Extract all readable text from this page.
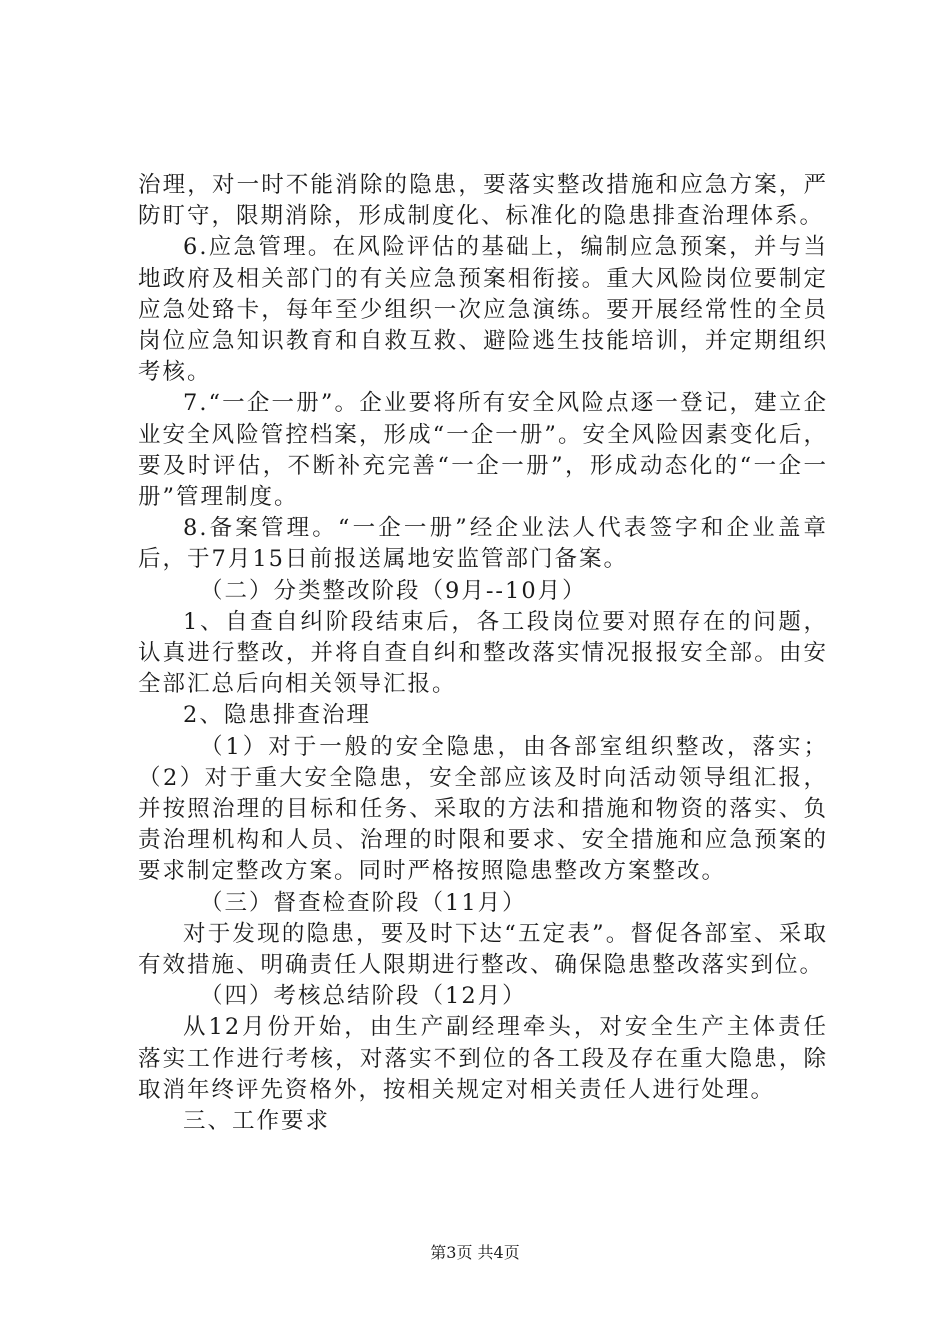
治理，对一时不能消除的隐患，要落实整改措施和应急方案，严防盯守，限期消除，形成制度化、标准化的隐患排查治理体系。

6.应急管理。在风险评估的基础上，编制应急预案，并与当地政府及相关部门的有关应急预案相衔接。重大风险岗位要制定应急处臵卡，每年至少组织一次应急演练。要开展经常性的全员岗位应急知识教育和自救互救、避险逃生技能培训，并定期组织考核。

7.“一企一册”。企业要将所有安全风险点逐一登记，建立企业安全风险管控档案，形成“一企一册”。安全风险因素变化后，要及时评估，不断补充完善“一企一册”，形成动态化的“一企一册”管理制度。

8.备案管理。“一企一册”经企业法人代表签字和企业盖章后，于7月15日前报送属地安监管部门备案。

（二）分类整改阶段（9月--10月）

1、自查自纠阶段结束后，各工段岗位要对照存在的问题，认真进行整改，并将自查自纠和整改落实情况报报安全部。由安全部汇总后向相关领导汇报。

2、隐患排查治理

（1）对于一般的安全隐患，由各部室组织整改，落实；（2）对于重大安全隐患，安全部应该及时向活动领导组汇报，并按照治理的目标和任务、采取的方法和措施和物资的落实、负责治理机构和人员、治理的时限和要求、安全措施和应急预案的要求制定整改方案。同时严格按照隐患整改方案整改。

（三）督查检查阶段（11月）

对于发现的隐患，要及时下达“五定表”。督促各部室、采取有效措施、明确责任人限期进行整改、确保隐患整改落实到位。

（四）考核总结阶段（12月）

从12月份开始，由生产副经理牵头，对安全生产主体责任落实工作进行考核，对落实不到位的各工段及存在重大隐患，除取消年终评先资格外，按相关规定对相关责任人进行处理。

三、工作要求

第3页 共4页
